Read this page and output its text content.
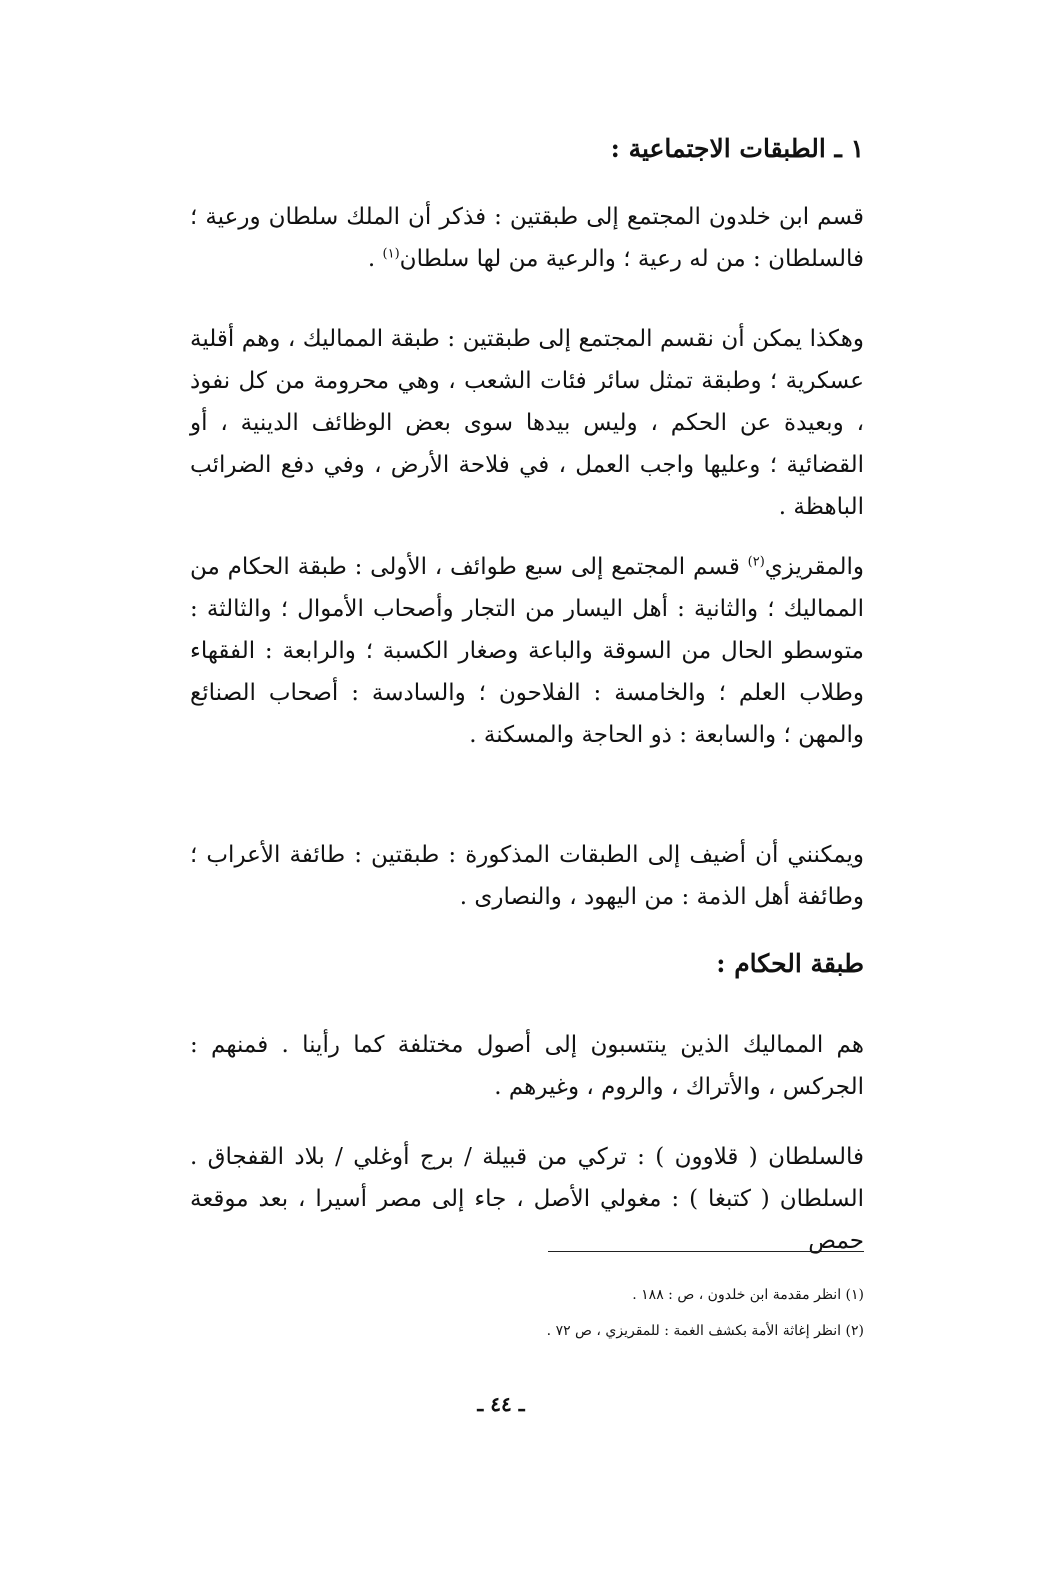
١ ـ الطبقات الاجتماعية :

قسم ابن خلدون المجتمع إلى طبقتين : فذكر أن الملك سلطان ورعية ؛ فالسلطان : من له رعية ؛ والرعية من لها سلطان$^{(١)}$ .

وهكذا يمكن أن نقسم المجتمع إلى طبقتين : طبقة المماليك ، وهم أقلية عسكرية ؛ وطبقة تمثل سائر فئات الشعب ، وهي محرومة من كل نفوذ ، وبعيدة عن الحكم ، وليس بيدها سوى بعض الوظائف الدينية ، أو القضائية ؛ وعليها واجب العمل ، في فلاحة الأرض ، وفي دفع الضرائب الباهظة .

والمقريزي$^{(٢)}$ قسم المجتمع إلى سبع طوائف ، الأولى : طبقة الحكام من المماليك ؛ والثانية : أهل اليسار من التجار وأصحاب الأموال ؛ والثالثة : متوسطو الحال من السوقة والباعة وصغار الكسبة ؛ والرابعة : الفقهاء وطلاب العلم ؛ والخامسة : الفلاحون ؛ والسادسة : أصحاب الصنائع والمهن ؛ والسابعة : ذو الحاجة والمسكنة .

ويمكنني أن أضيف إلى الطبقات المذكورة : طبقتين : طائفة الأعراب ؛ وطائفة أهل الذمة : من اليهود ، والنصارى .

طبقة الحكام :

هم المماليك الذين ينتسبون إلى أصول مختلفة كما رأينا . فمنهم : الجركس ، والأتراك ، والروم ، وغيرهم .

فالسلطان ( قلاوون ) : تركي من قبيلة / برج أوغلي / بلاد القفجاق . السلطان ( كتبغا ) : مغولي الأصل ، جاء إلى مصر أسيرا ، بعد موقعة حمص

(١) انظر مقدمة ابن خلدون ، ص : ١٨٨ .

(٢) انظر إغاثة الأمة بكشف الغمة : للمقريزي ، ص ٧٢ .

ـ ٤٤ ـ
